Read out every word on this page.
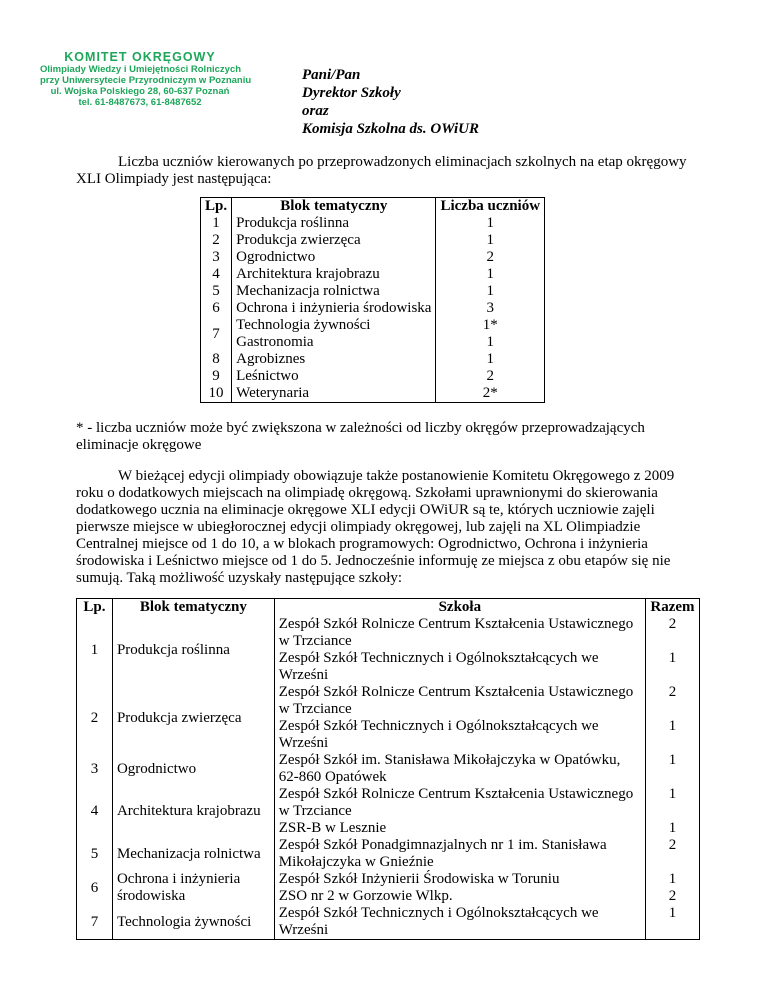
KOMITET OKRĘGOWY
Olimpiady Wiedzy i Umiejętności Rolniczych
przy Uniwersytecie Przyrodniczym w Poznaniu
ul. Wojska Polskiego 28, 60-637 Poznań
tel. 61-8487673, 61-8487652
Pani/Pan
Dyrektor Szkoły
oraz
Komisja Szkolna ds. OWiUR
Liczba uczniów kierowanych po przeprowadzonych eliminacjach szkolnych na etap okręgowy XLI Olimpiady jest następująca:
Lp.	Blok tematyczny	Liczba uczniów
1	Produkcja roślinna	1
2	Produkcja zwierzęca	1
3	Ogrodnictwo	2
4	Architektura krajobrazu	1
5	Mechanizacja rolnictwa	1
6	Ochrona i inżynieria środowiska	3
7	Technologia żywności	1*
	Gastronomia	1
8	Agrobiznes	1
9	Leśnictwo	2
10	Weterynaria	2*
* - liczba uczniów może być zwiększona w zależności od liczby okręgów przeprowadzających eliminacje okręgowe
W bieżącej edycji olimpiady obowiązuje także postanowienie Komitetu Okręgowego z 2009 roku o dodatkowych miejscach na olimpiadę okręgową. Szkołami uprawnionymi do skierowania dodatkowego ucznia na eliminacje okręgowe XLI edycji OWiUR są te, których uczniowie zajęli pierwsze miejsce w ubiegłorocznej edycji olimpiady okręgowej, lub zajęli na XL Olimpiadzie Centralnej miejsce od 1 do 10, a w blokach programowych: Ogrodnictwo, Ochrona i inżynieria środowiska i Leśnictwo miejsce od 1 do 5. Jednocześnie informuję ze miejsca z obu etapów się nie sumują. Taką możliwość uzyskały następujące szkoły:
Lp.	Blok tematyczny	Szkoła	Razem
1	Produkcja roślinna	Zespół Szkół Rolnicze Centrum Kształcenia Ustawicznego w Trzciance	2
		Zespół Szkół Technicznych i Ogólnokształcących we Wrześni	1
2	Produkcja zwierzęca	Zespół Szkół Rolnicze Centrum Kształcenia Ustawicznego w Trzciance	2
		Zespół Szkół Technicznych i Ogólnokształcących we Wrześni	1
3	Ogrodnictwo	Zespół Szkół im. Stanisława Mikołajczyka w Opatówku, 62-860 Opatówek	1
4	Architektura krajobrazu	Zespół Szkół Rolnicze Centrum Kształcenia Ustawicznego w Trzciance	1
		ZSR-B w Lesznie	1
5	Mechanizacja rolnictwa	Zespół Szkół Ponadgimnazjalnych nr 1 im. Stanisława Mikołajczyka w Gnieźnie	2
6	Ochrona i inżynieria środowiska	Zespół Szkół Inżynierii Środowiska w Toruniu	1
		ZSO nr 2 w Gorzowie Wlkp.	2
7	Technologia żywności	Zespół Szkół Technicznych i Ogólnokształcących we Wrześni	1
